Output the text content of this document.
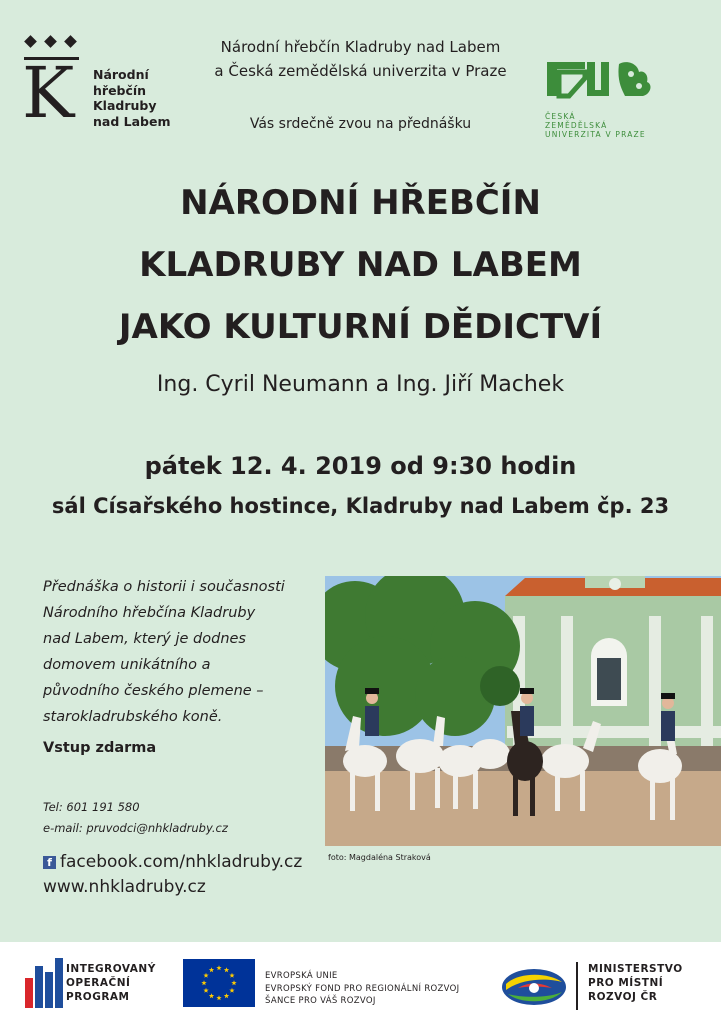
K Národní
hřebčín
Kladruby
nad Labem
Národní hřebčín Kladruby nad Labem
a Česká zemědělská univerzita v Praze
Vás srdečně zvou na přednášku	ČESKÁ
ZEMĚDĚLSKÁ
UNIVERZITA V PRAZE
NÁRODNÍ HŘEBČÍN
KLADRUBY NAD LABEM
JAKO KULTURNÍ DĚDICTVÍ
Ing. Cyril Neumann a Ing. Jiří Machek
pátek 12. 4. 2019 od 9:30 hodin
sál Císařského hostince, Kladruby nad Labem čp. 23
Přednáška o historii i současnosti
Národního hřebčína Kladruby
nad Labem, který je dodnes
domovem unikátního a
původního českého plemene –
starokladrubského koně.
Vstup zdarma
Tel: 601 191 580
e-mail: pruvodci@nhkladruby.cz
f facebook.com/nhkladruby.cz
www.nhkladruby.cz
foto: Magdaléna Straková
INTEGROVANÝ
OPERAČNÍ
PROGRAM
EVROPSKÁ UNIE
EVROPSKÝ FOND PRO REGIONÁLNÍ ROZVOJ
ŠANCE PRO VÁŠ ROZVOJ
MINISTERSTVO
PRO MÍSTNÍ
ROZVOJ ČR
